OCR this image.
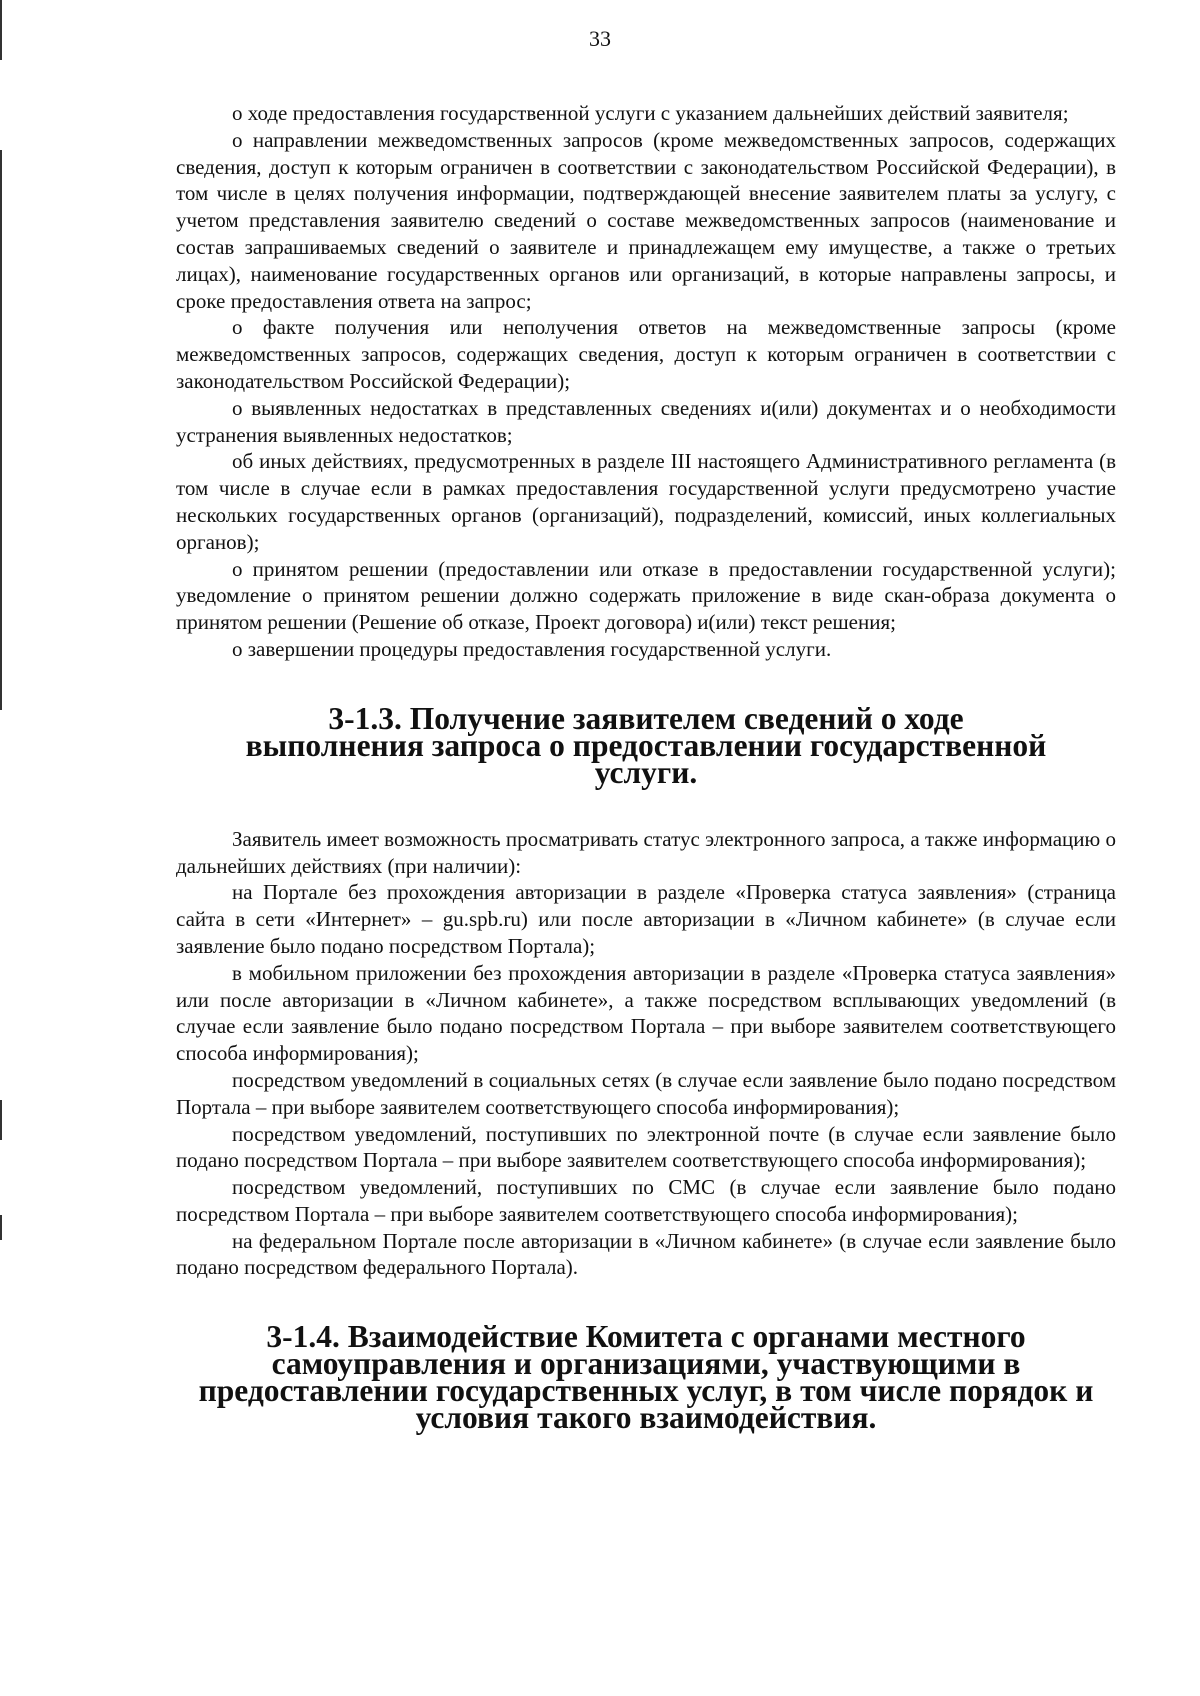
33

о ходе предоставления государственной услуги с указанием дальнейших действий заявителя;

о направлении межведомственных запросов (кроме межведомственных запросов, содержащих сведения, доступ к которым ограничен в соответствии с законодательством Российской Федерации), в том числе в целях получения информации, подтверждающей внесение заявителем платы за услугу, с учетом представления заявителю сведений о составе межведомственных запросов (наименование и состав запрашиваемых сведений о заявителе и принадлежащем ему имуществе, а также о третьих лицах), наименование государственных органов или организаций, в которые направлены запросы, и сроке предоставления ответа на запрос;

о факте получения или неполучения ответов на межведомственные запросы (кроме межведомственных запросов, содержащих сведения, доступ к которым ограничен в соответствии с законодательством Российской Федерации);

о выявленных недостатках в представленных сведениях и(или) документах и о необходимости устранения выявленных недостатков;

об иных действиях, предусмотренных в разделе III настоящего Административного регламента (в том числе в случае если в рамках предоставления государственной услуги предусмотрено участие нескольких государственных органов (организаций), подразделений, комиссий, иных коллегиальных органов);

о принятом решении (предоставлении или отказе в предоставлении государственной услуги); уведомление о принятом решении должно содержать приложение в виде скан-образа документа о принятом решении (Решение об отказе, Проект договора) и(или) текст решения;

о завершении процедуры предоставления государственной услуги.

3-1.3. Получение заявителем сведений о ходе выполнения запроса о предоставлении государственной услуги.

Заявитель имеет возможность просматривать статус электронного запроса, а также информацию о дальнейших действиях (при наличии):

на Портале без прохождения авторизации в разделе «Проверка статуса заявления» (страница сайта в сети «Интернет» – gu.spb.ru) или после авторизации в «Личном кабинете» (в случае если заявление было подано посредством Портала);

в мобильном приложении без прохождения авторизации в разделе «Проверка статуса заявления» или после авторизации в «Личном кабинете», а также посредством всплывающих уведомлений (в случае если заявление было подано посредством Портала – при выборе заявителем соответствующего способа информирования);

посредством уведомлений в социальных сетях (в случае если заявление было подано посредством Портала – при выборе заявителем соответствующего способа информирования);

посредством уведомлений, поступивших по электронной почте (в случае если заявление было подано посредством Портала – при выборе заявителем соответствующего способа информирования);

посредством уведомлений, поступивших по СМС (в случае если заявление было подано посредством Портала – при выборе заявителем соответствующего способа информирования);

на федеральном Портале после авторизации в «Личном кабинете» (в случае если заявление было подано посредством федерального Портала).

3-1.4. Взаимодействие Комитета с органами местного самоуправления и организациями, участвующими в предоставлении государственных услуг, в том числе порядок и условия такого взаимодействия.
